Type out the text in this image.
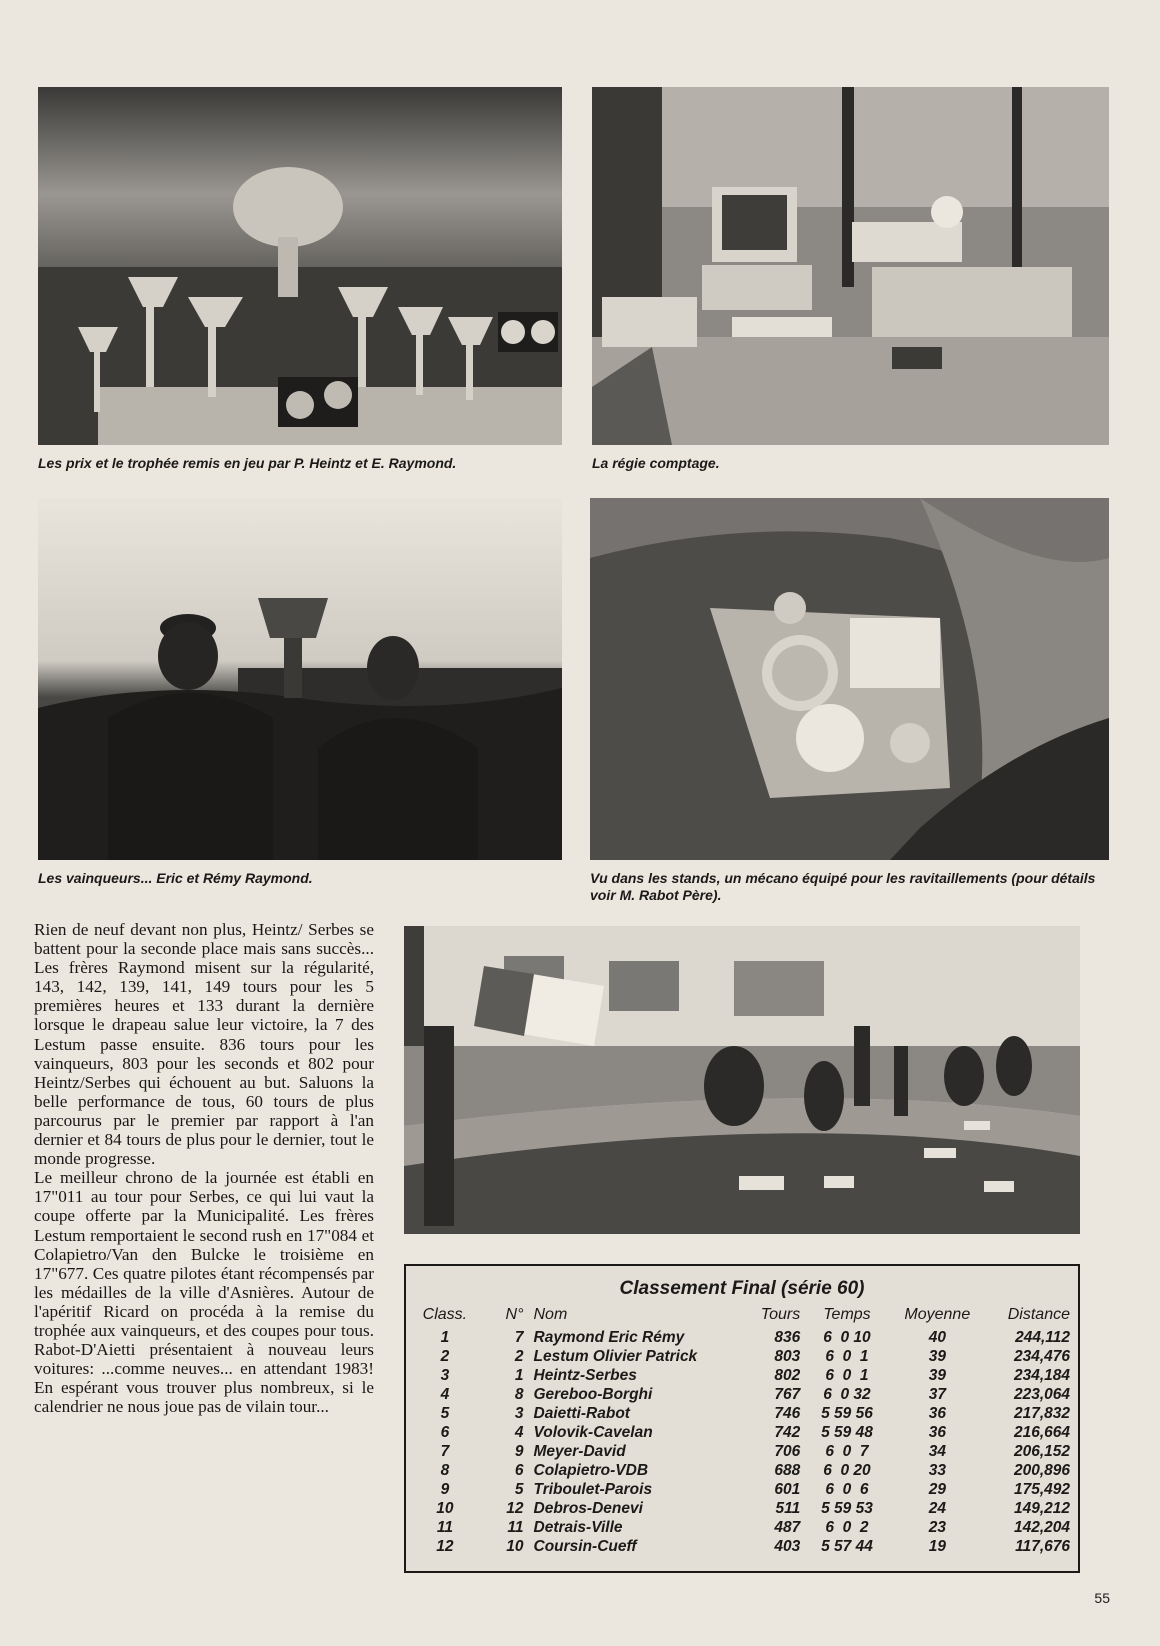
Les prix et le trophée remis en jeu par P. Heintz et E. Raymond.	La régie comptage.
Les vainqueurs... Eric et Rémy Raymond.	Vu dans les stands, un mécano équipé pour les ravitaillements (pour détails voir M. Rabot Père).

Rien de neuf devant non plus, Heintz/ Serbes se battent pour la seconde place mais sans succès... Les frères Raymond misent sur la régularité, 143, 142, 139, 141, 149 tours pour les 5 premières heures et 133 durant la dernière lorsque le drapeau salue leur victoire, la 7 des Lestum passe ensuite. 836 tours pour les vainqueurs, 803 pour les seconds et 802 pour Heintz/Serbes qui échouent au but. Saluons la belle performance de tous, 60 tours de plus parcourus par le premier par rapport à l'an dernier et 84 tours de plus pour le dernier, tout le monde progresse.

Le meilleur chrono de la journée est établi en 17"011 au tour pour Serbes, ce qui lui vaut la coupe offerte par la Municipalité. Les frères Lestum remportaient le second rush en 17"084 et Colapietro/Van den Bulcke le troisième en 17"677. Ces quatre pilotes étant récompensés par les médailles de la ville d'Asnières. Autour de l'apéritif Ricard on procéda à la remise du trophée aux vainqueurs, et des coupes pour tous. Rabot-D'Aietti présentaient à nouveau leurs voitures: ...comme neuves... en attendant 1983! En espérant vous trouver plus nombreux, si le calendrier ne nous joue pas de vilain tour...

Classement Final (série 60)
Class.	N°	Nom	Tours	Temps	Moyenne	Distance
1	7	Raymond Eric Rémy	836	6  0 10	40	244,112
2	2	Lestum Olivier Patrick	803	6  0  1	39	234,476
3	1	Heintz-Serbes	802	6  0  1	39	234,184
4	8	Gereboo-Borghi	767	6  0 32	37	223,064
5	3	Daietti-Rabot	746	5 59 56	36	217,832
6	4	Volovik-Cavelan	742	5 59 48	36	216,664
7	9	Meyer-David	706	6  0  7	34	206,152
8	6	Colapietro-VDB	688	6  0 20	33	200,896
9	5	Triboulet-Parois	601	6  0  6	29	175,492
10	12	Debros-Denevi	511	5 59 53	24	149,212
11	11	Detrais-Ville	487	6  0  2	23	142,204
12	10	Coursin-Cueff	403	5 57 44	19	117,676
55
